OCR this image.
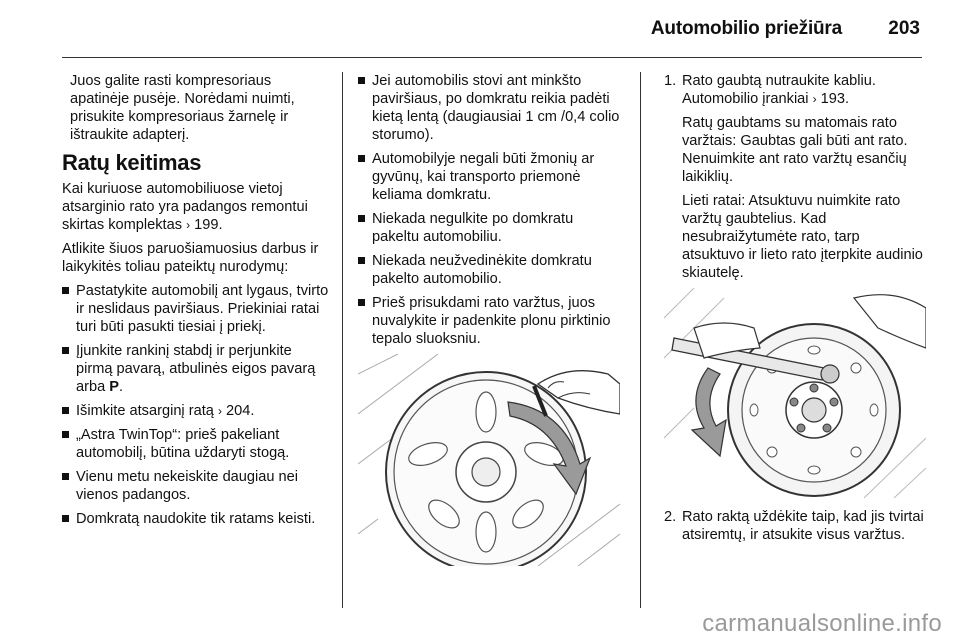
Automobilio priežiūra 203

Juos galite rasti kompresoriaus apatinėje pusėje. Norėdami nuimti, prisukite kompresoriaus žarnelę ir ištraukite adapterį.

Ratų keitimas

Kai kuriuose automobiliuose vietoj atsarginio rato yra padangos remontui skirtas komplektas › 199.

Atlikite šiuos paruošiamuosius darbus ir laikykitės toliau pateiktų nurodymų:

Pastatykite automobilį ant lygaus, tvirto ir neslidaus paviršiaus. Priekiniai ratai turi būti pasukti tiesiai į priekį.
Įjunkite rankinį stabdį ir perjunkite pirmą pavarą, atbulinės eigos pavarą arba P.
Išimkite atsarginį ratą › 204.
„Astra TwinTop“: prieš pakeliant automobilį, būtina uždaryti stogą.
Vienu metu nekeiskite daugiau nei vienos padangos.
Domkratą naudokite tik ratams keisti.
Jei automobilis stovi ant minkšto paviršiaus, po domkratu reikia padėti kietą lentą (daugiausiai 1 cm /0,4 colio storumo).
Automobilyje negali būti žmonių ar gyvūnų, kai transporto priemonė keliama domkratu.
Niekada negulkite po domkratu pakeltu automobiliu.
Niekada neužvedinėkite domkratu pakelto automobilio.
Prieš prisukdami rato varžtus, juos nuvalykite ir padenkite plonu pirktinio tepalo sluoksniu.
1. Rato gaubtą nutraukite kabliu. Automobilio įrankiai › 193.
Ratų gaubtams su matomais rato varžtais: Gaubtas gali būti ant rato. Nenuimkite ant rato varžtų esančių laikiklių.
Lieti ratai: Atsuktuvu nuimkite rato varžtų gaubtelius. Kad nesubraižytumėte rato, tarp atsuktuvo ir lieto rato įterpkite audinio skiautelę.
2. Rato raktą uždėkite taip, kad jis tvirtai atsiremtų, ir atsukite visus varžtus.
carmanualsonline.info
